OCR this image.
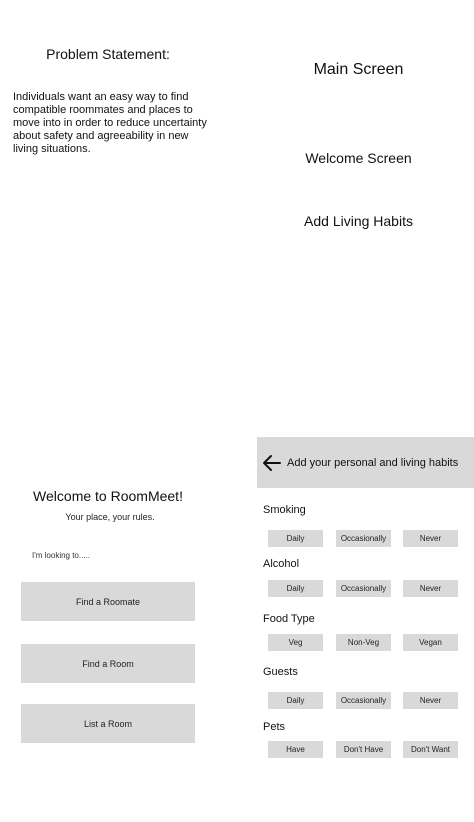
Problem Statement:
Individuals want an easy way to find compatible roommates and places to move into in order to reduce uncertainty about safety and agreeability in new living situations.
Main Screen
Welcome Screen
Add Living Habits
Welcome to RoomMeet!
Your place, your rules.
I'm looking to.....
Find a Roomate
Find a Room
List a Room
Add your personal and living habits
Smoking
Daily	Occasionally	Never
Alcohol
Daily	Occasionally	Never
Food Type
Veg	Non-Veg	Vegan
Guests
Daily	Occasionally	Never
Pets
Have	Don't Have	Don't Want
